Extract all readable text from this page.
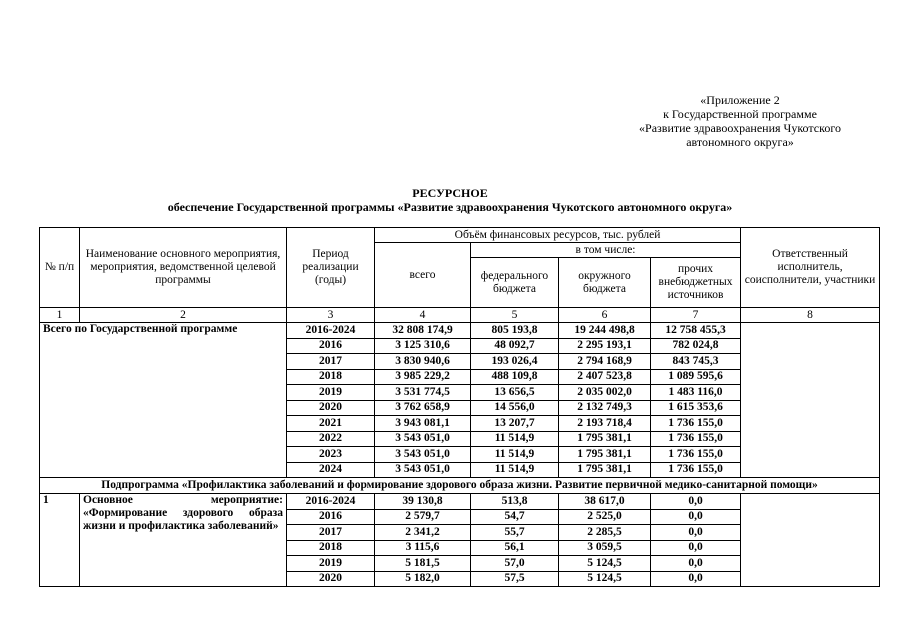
«Приложение 2
к Государственной программе
«Развитие здравоохранения Чукотского
автономного округа»
РЕСУРСНОЕ
обеспечение Государственной программы «Развитие здравоохранения Чукотского автономного округа»
№ п/п	Наименование основного мероприятия, мероприятия, ведомственной целевой программы	Период реализации (годы)	Объём финансовых ресурсов, тыс. рублей				Ответственный исполнитель, соисполнители, участники
			всего	в том числе:			
				федерального бюджета	окружного бюджета	прочих внебюджетных источников	
1	2	3	4	5	6	7	8
Всего по Государственной программе		2016-2024	32 808 174,9	805 193,8	19 244 498,8	12 758 455,3	
		2016	3 125 310,6	48 092,7	2 295 193,1	782 024,8	
		2017	3 830 940,6	193 026,4	2 794 168,9	843 745,3	
		2018	3 985 229,2	488 109,8	2 407 523,8	1 089 595,6	
		2019	3 531 774,5	13 656,5	2 035 002,0	1 483 116,0	
		2020	3 762 658,9	14 556,0	2 132 749,3	1 615 353,6	
		2021	3 943 081,1	13 207,7	2 193 718,4	1 736 155,0	
		2022	3 543 051,0	11 514,9	1 795 381,1	1 736 155,0	
		2023	3 543 051,0	11 514,9	1 795 381,1	1 736 155,0	
		2024	3 543 051,0	11 514,9	1 795 381,1	1 736 155,0	
Подпрограмма «Профилактика заболеваний и формирование здорового образа жизни. Развитие первичной медико-санитарной помощи»							
1	Основное мероприятие: «Формирование здорового образа жизни и профилактика заболеваний»	2016-2024	39 130,8	513,8	38 617,0	0,0	
		2016	2 579,7	54,7	2 525,0	0,0	
		2017	2 341,2	55,7	2 285,5	0,0	
		2018	3 115,6	56,1	3 059,5	0,0	
		2019	5 181,5	57,0	5 124,5	0,0	
		2020	5 182,0	57,5	5 124,5	0,0	
